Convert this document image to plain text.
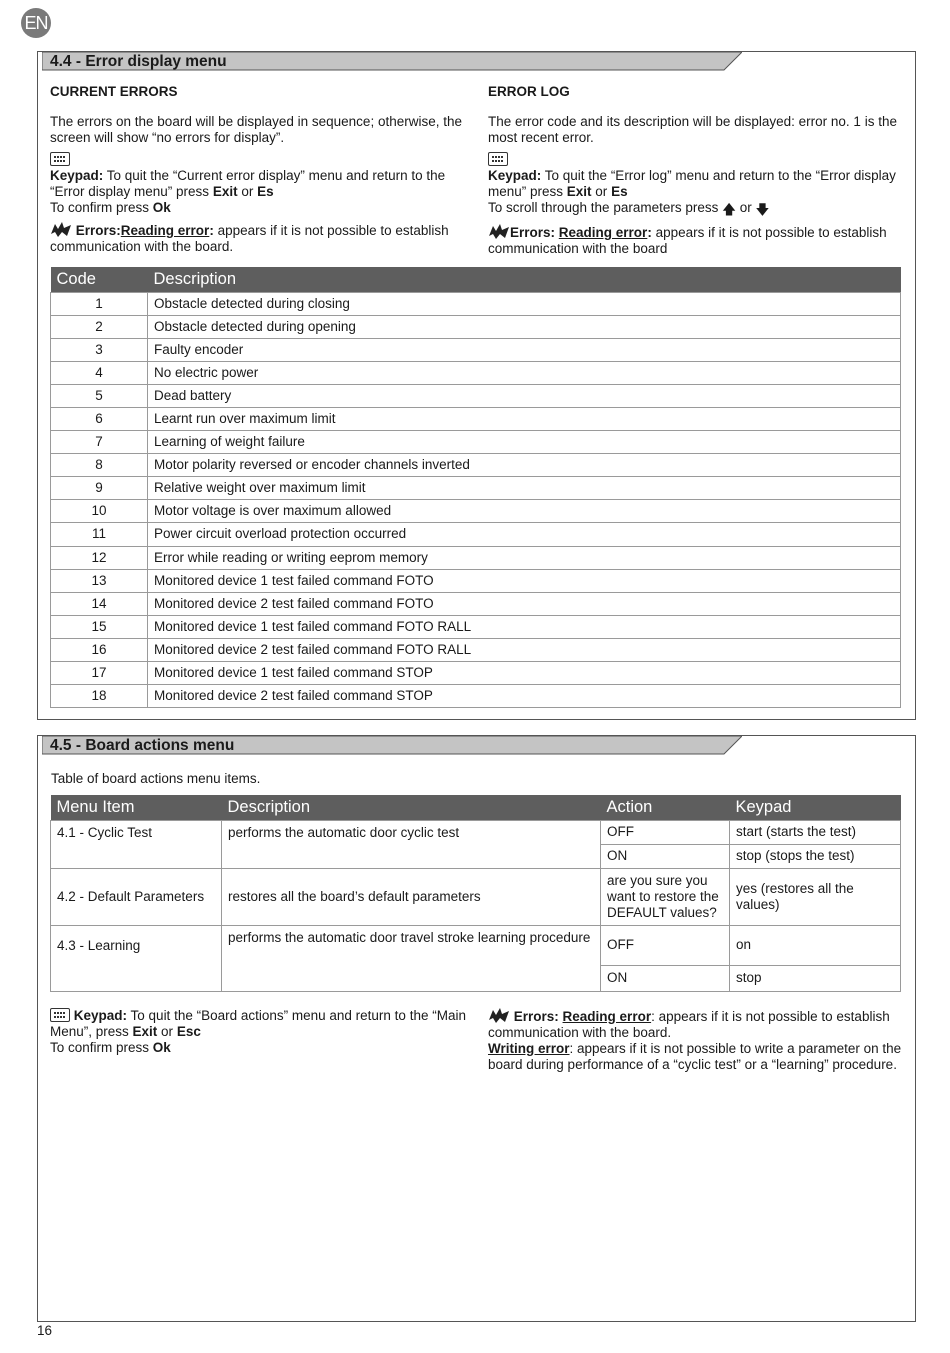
EN
4.4 - Error display menu
CURRENT ERRORS

The errors on the board will be displayed in sequence; otherwise, the screen will show “no errors for display”.

Keypad: To quit the “Current error display” menu and return to the “Error display menu” press Exit or Es
To confirm press Ok

Errors:Reading error: appears if it is not possible to establish communication with the board.

ERROR LOG

The error code and its description will be displayed: error no. 1 is the most recent error.

Keypad: To quit the “Error log” menu and return to the “Error display menu” press Exit or Es
To scroll through the parameters press 🡅 or 🡇

Errors: Reading error: appears if it is not possible to establish communication with the board

Code	Description
1	Obstacle detected during closing
2	Obstacle detected during opening
3	Faulty encoder
4	No electric power
5	Dead battery
6	Learnt run over maximum limit
7	Learning of weight failure
8	Motor polarity reversed or encoder channels inverted
9	Relative weight over maximum limit
10	Motor voltage is over maximum allowed
11	Power circuit overload protection occurred
12	Error while reading or writing eeprom memory
13	Monitored device 1 test failed command FOTO
14	Monitored device 2 test failed command FOTO
15	Monitored device 1 test failed command FOTO RALL
16	Monitored device 2 test failed command FOTO RALL
17	Monitored device 1 test failed command STOP
18	Monitored device 2 test failed command STOP
4.5 - Board actions menu

Table of board actions menu items.

Menu Item	Description	Action	Keypad
4.1 - Cyclic Test	performs the automatic door cyclic test	OFF	start (starts the test)
		ON	stop (stops the test)
4.2 - Default Parameters	restores all the board’s default parameters	are you sure you want to restore the DEFAULT values?	yes (restores all the values)
4.3 - Learning	performs the automatic door travel stroke learning procedure	OFF	on
		ON	stop

Keypad: To quit the “Board actions” menu and return to the “Main Menu”, press Exit or Esc
To confirm press Ok

Errors: Reading error: appears if it is not possible to establish communication with the board.
Writing error: appears if it is not possible to write a parameter on the board during performance of a “cyclic test” or a “learning” procedure.

16
